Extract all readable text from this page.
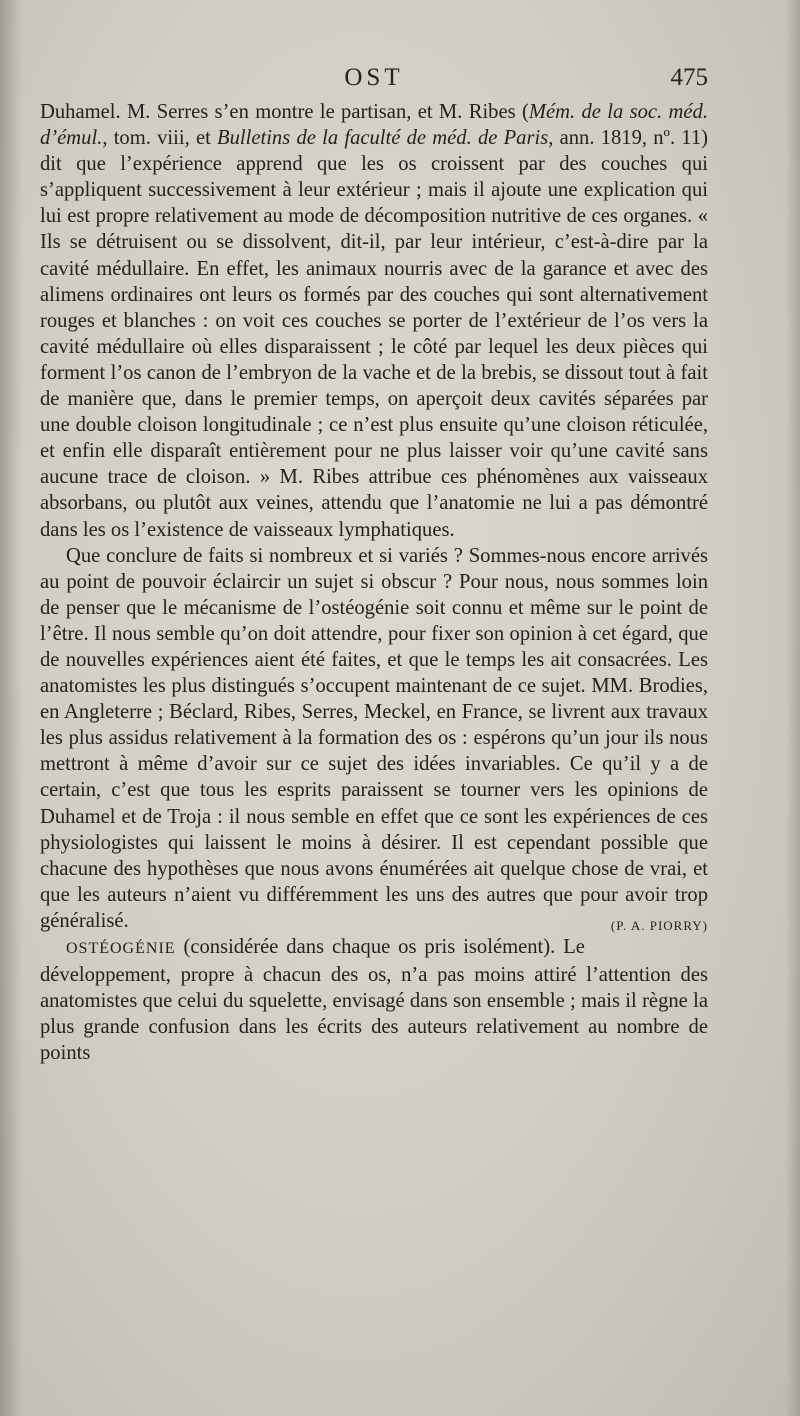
OST	475

Duhamel. M. Serres s’en montre le partisan, et M. Ribes (Mém. de la soc. méd. d’émul., tom. viii, et Bulletins de la faculté de méd. de Paris, ann. 1819, nº. 11) dit que l’expérience apprend que les os croissent par des couches qui s’appliquent successivement à leur extérieur ; mais il ajoute une explication qui lui est propre relativement au mode de décomposition nutritive de ces organes. « Ils se détruisent ou se dissolvent, dit-il, par leur intérieur, c’est-à-dire par la cavité médullaire. En effet, les animaux nourris avec de la garance et avec des alimens ordinaires ont leurs os formés par des couches qui sont alternativement rouges et blanches : on voit ces couches se porter de l’extérieur de l’os vers la cavité médullaire où elles disparaissent ; le côté par lequel les deux pièces qui forment l’os canon de l’embryon de la vache et de la brebis, se dissout tout à fait de manière que, dans le premier temps, on aperçoit deux cavités séparées par une double cloison longitudinale ; ce n’est plus ensuite qu’une cloison réticulée, et enfin elle disparaît entièrement pour ne plus laisser voir qu’une cavité sans aucune trace de cloison. » M. Ribes attribue ces phénomènes aux vaisseaux absorbans, ou plutôt aux veines, attendu que l’anatomie ne lui a pas démontré dans les os l’existence de vaisseaux lymphatiques.

Que conclure de faits si nombreux et si variés ? Sommes-nous encore arrivés au point de pouvoir éclaircir un sujet si obscur ? Pour nous, nous sommes loin de penser que le mécanisme de l’ostéogénie soit connu et même sur le point de l’être. Il nous semble qu’on doit attendre, pour fixer son opinion à cet égard, que de nouvelles expériences aient été faites, et que le temps les ait consacrées. Les anatomistes les plus distingués s’occupent maintenant de ce sujet. MM. Brodies, en Angleterre ; Béclard, Ribes, Serres, Meckel, en France, se livrent aux travaux les plus assidus relativement à la formation des os : espérons qu’un jour ils nous mettront à même d’avoir sur ce sujet des idées invariables. Ce qu’il y a de certain, c’est que tous les esprits paraissent se tourner vers les opinions de Duhamel et de Troja : il nous semble en effet que ce sont les expériences de ces physiologistes qui laissent le moins à désirer. Il est cependant possible que chacune des hypothèses que nous avons énumérées ait quelque chose de vrai, et que les auteurs n’aient vu différemment les uns des autres que pour avoir trop généralisé.	(P. A. PIORRY)

OSTÉOGÉNIE (considérée dans chaque os pris isolément). Le développement, propre à chacun des os, n’a pas moins attiré l’attention des anatomistes que celui du squelette, envisagé dans son ensemble ; mais il règne la plus grande confusion dans les écrits des auteurs relativement au nombre de points
